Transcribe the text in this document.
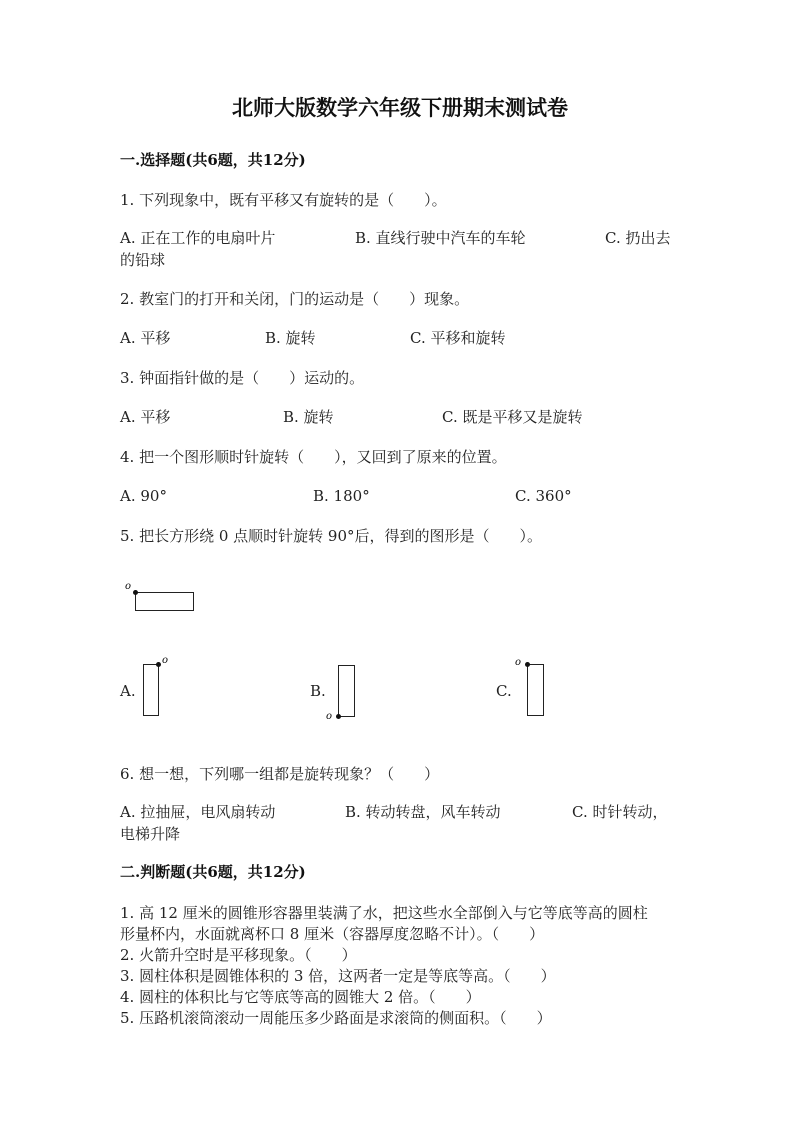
北师大版数学六年级下册期末测试卷
一.选择题(共6题，共12分)
1. 下列现象中，既有平移又有旋转的是（　　）。
A. 正在工作的电扇叶片	B. 直线行驶中汽车的车轮	C. 扔出去
的铅球
2. 教室门的打开和关闭，门的运动是（　　）现象。
A. 平移	B. 旋转	C. 平移和旋转
3. 钟面指针做的是（　　）运动的。
A. 平移	B. 旋转	C. 既是平移又是旋转
4. 把一个图形顺时针旋转（　　），又回到了原来的位置。
A. 90°	B. 180°	C. 360°
5. 把长方形绕 0 点顺时针旋转 90°后，得到的图形是（　　）。
o
A.
o
B.
o
C.
o
6. 想一想，下列哪一组都是旋转现象？（　　）
A. 拉抽屉，电风扇转动	B. 转动转盘，风车转动	C. 时针转动，
电梯升降
二.判断题(共6题，共12分)
1. 高 12 厘米的圆锥形容器里装满了水，把这些水全部倒入与它等底等高的圆柱
形量杯内，水面就离杯口 8 厘米（容器厚度忽略不计）。（　　）
2. 火箭升空时是平移现象。（　　）
3. 圆柱体积是圆锥体积的 3 倍，这两者一定是等底等高。（　　）
4. 圆柱的体积比与它等底等高的圆锥大 2 倍。（　　）
5. 压路机滚筒滚动一周能压多少路面是求滚筒的侧面积。（　　）
